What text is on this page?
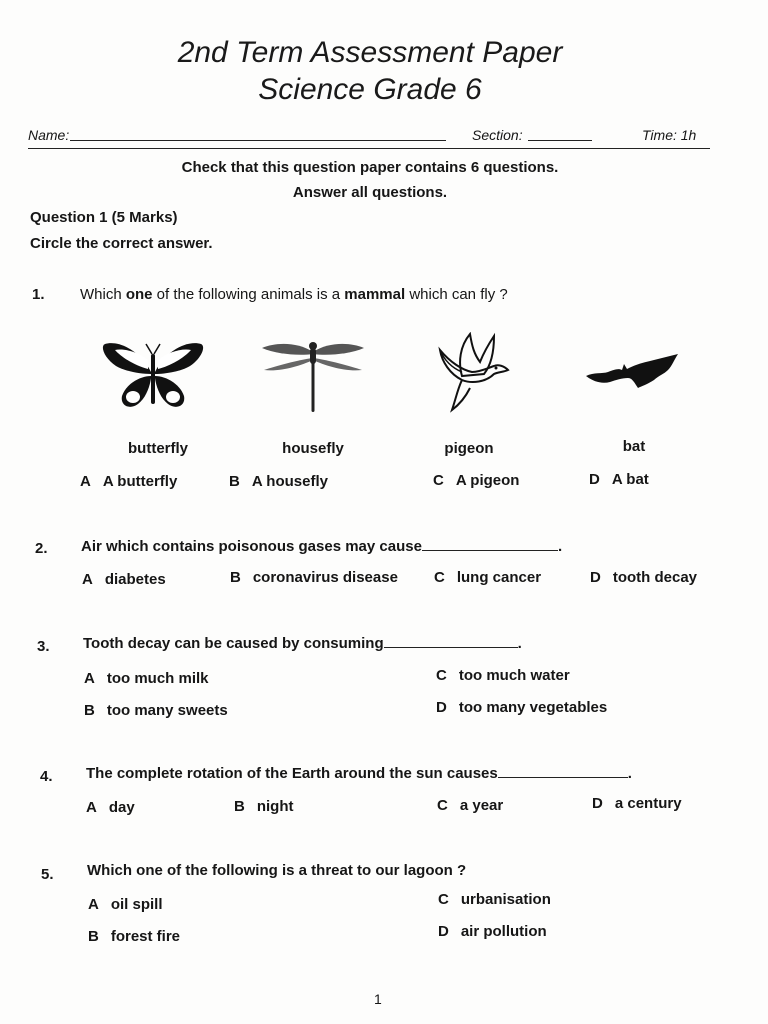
2nd Term Assessment Paper
Science Grade 6
Name:	Section:	Time: 1h
Check that this question paper contains 6 questions.
Answer all questions.
Question 1 (5 Marks)
Circle the correct answer.
1. Which one of the following animals is a mammal which can fly ?
butterfly	housefly	pigeon	bat
A A butterfly	B A housefly	C A pigeon	D A bat
2. Air which contains poisonous gases may cause	.
A diabetes	B coronavirus disease C lung cancer	D tooth decay
3. Tooth decay can be caused by consuming	.
A too much milk
B too many sweets
C too much water
D too many vegetables
4. The complete rotation of the Earth around the sun causes	.
A day	B night	C a year	D a century
5. Which one of the following is a threat to our lagoon ?
A oil spill
B forest fire
C urbanisation
D air pollution
1
